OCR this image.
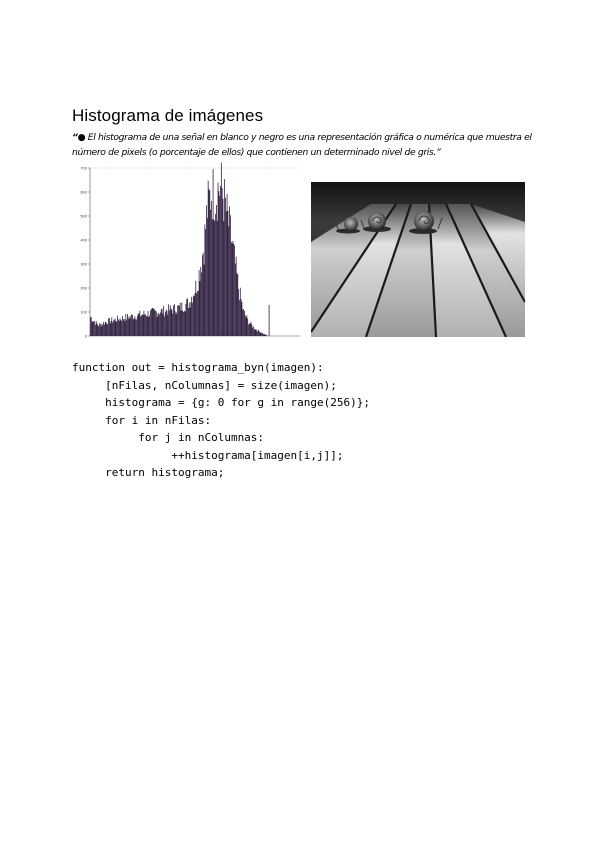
Histograma de imágenes
“● El histograma de una señal en blanco y negro es una representación gráfica o numérica que muestra el número de pixels (o porcentaje de ellos) que contienen un determinado nivel de gris.”
0
100
200
300
400
500
600
700
function out = histograma_byn(imagen):
[nFilas, nColumnas] = size(imagen);
histograma = {g: 0 for g in range(256)};
for i in nFilas:
for j in nColumnas:
++histograma[imagen[i,j]];
return histograma;
